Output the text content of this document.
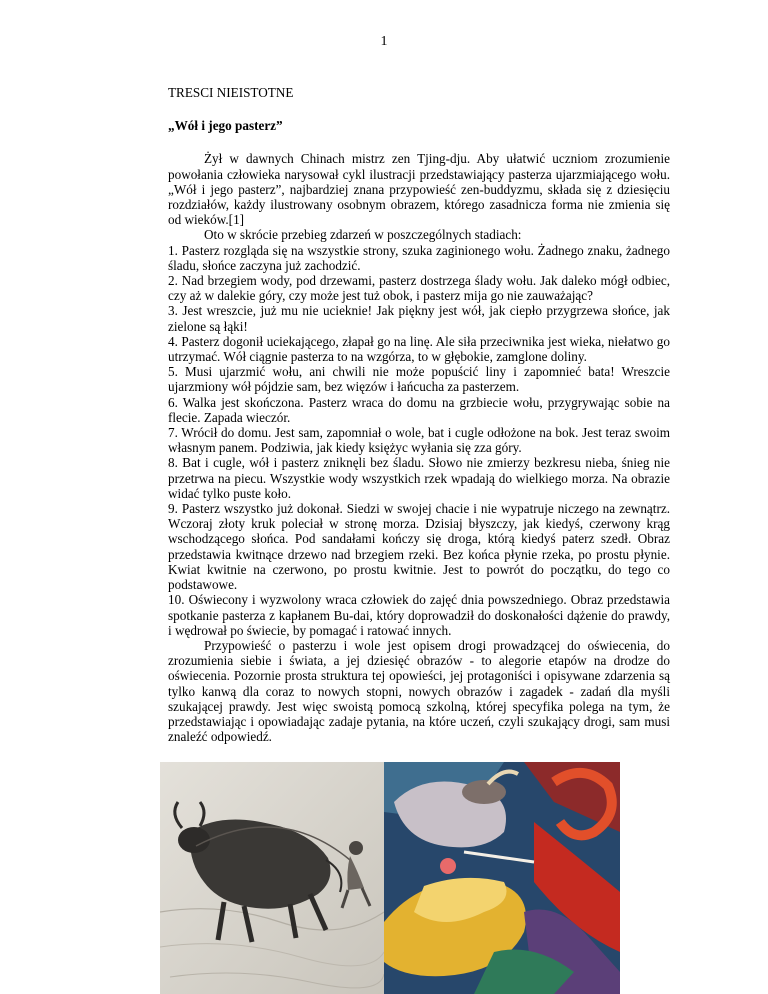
1

TRESCI NIEISTOTNE

„Wół i jego pasterz”

Żył w dawnych Chinach mistrz zen Tjing-dju. Aby ułatwić uczniom zrozumienie powołania człowieka narysował cykl ilustracji przedstawiający pasterza ujarzmiającego wołu. „Wół i jego pasterz”, najbardziej znana przypowieść zen-buddyzmu, składa się z dziesięciu rozdziałów, każdy ilustrowany osobnym obrazem, którego zasadnicza forma nie zmienia się od wieków.[1]

Oto w skrócie przebieg zdarzeń w poszczególnych stadiach:

1. Pasterz rozgląda się na wszystkie strony, szuka zaginionego wołu. Żadnego znaku, żadnego śladu, słońce zaczyna już zachodzić.

2. Nad brzegiem wody, pod drzewami, pasterz dostrzega ślady wołu. Jak daleko mógł odbiec, czy aż w dalekie góry, czy może jest tuż obok, i pasterz mija go nie zauważając?

3. Jest wreszcie, już mu nie ucieknie! Jak piękny jest wół, jak ciepło przygrzewa słońce, jak zielone są łąki!

4. Pasterz dogonił uciekającego, złapał go na linę. Ale siła przeciwnika jest wieka, niełatwo go utrzymać. Wół ciągnie pasterza to na wzgórza, to w głębokie, zamglone doliny.

5. Musi ujarzmić wołu, ani chwili nie może popuścić liny i zapomnieć bata! Wreszcie ujarzmiony wół pójdzie sam, bez więzów i łańcucha za pasterzem.

6. Walka jest skończona. Pasterz wraca do domu na grzbiecie wołu, przygrywając sobie na flecie. Zapada wieczór.

7. Wrócił do domu. Jest sam, zapomniał o wole, bat i cugle odłożone na bok. Jest teraz swoim własnym panem. Podziwia, jak kiedy księżyc wyłania się zza góry.

8. Bat i cugle, wół i pasterz zniknęli bez śladu. Słowo nie zmierzy bezkresu nieba, śnieg nie przetrwa na piecu. Wszystkie wody wszystkich rzek wpadają do wielkiego morza. Na obrazie widać tylko puste koło.

9. Pasterz wszystko już dokonał. Siedzi w swojej chacie i nie wypatruje niczego na zewnątrz. Wczoraj złoty kruk poleciał w stronę morza. Dzisiaj błyszczy, jak kiedyś, czerwony krąg wschodzącego słońca. Pod sandałami kończy się droga, którą kiedyś paterz szedł. Obraz przedstawia kwitnące drzewo nad brzegiem rzeki. Bez końca płynie rzeka, po prostu płynie. Kwiat kwitnie na czerwono, po prostu kwitnie. Jest to powrót do początku, do tego co podstawowe.

10. Oświecony i wyzwolony wraca człowiek do zajęć dnia powszedniego. Obraz przedstawia spotkanie pasterza z kapłanem Bu-dai, który doprowadził do doskonałości dążenie do prawdy, i wędrował po świecie, by pomagać i ratować innych.

Przypowieść o pasterzu i wole jest opisem drogi prowadzącej do oświecenia, do zrozumienia siebie i świata, a jej dziesięć obrazów - to alegorie etapów na drodze do oświecenia. Pozornie prosta struktura tej opowieści, jej protagoniści i opisywane zdarzenia są tylko kanwą dla coraz to nowych stopni, nowych obrazów i zagadek - zadań dla myśli szukającej prawdy. Jest więc swoistą pomocą szkolną, której specyfika polega na tym, że przedstawiając i opowiadając zadaje pytania, na które uczeń, czyli szukający drogi, sam musi znaleźć odpowiedź.
